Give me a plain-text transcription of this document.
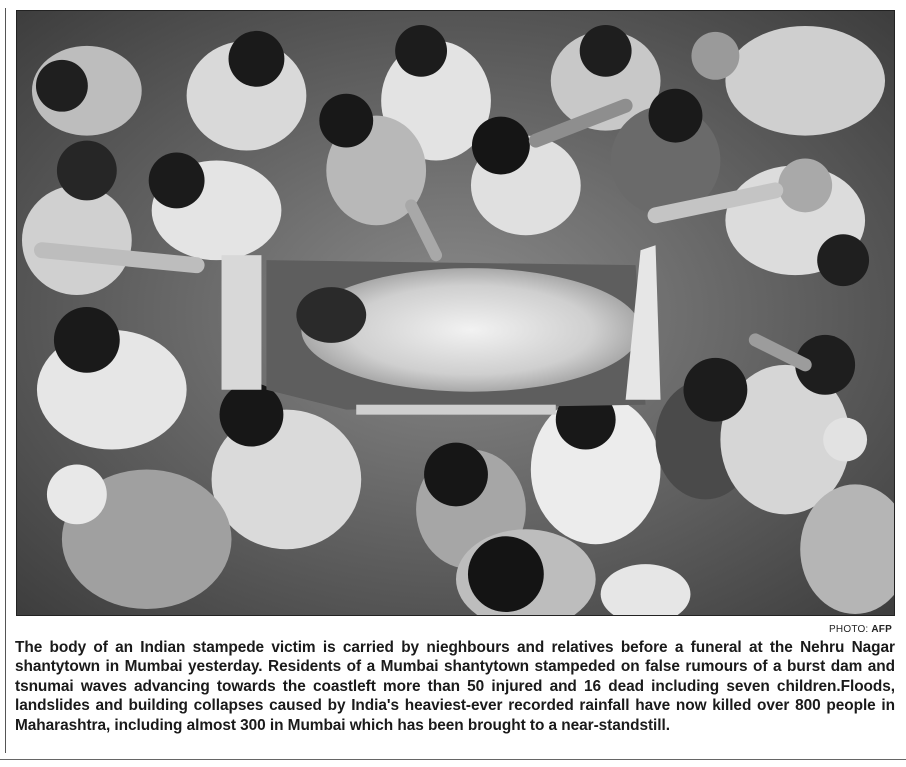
PHOTO: AFP
The body of an Indian stampede victim is carried by nieghbours and relatives before a funeral at the Nehru Nagar shantytown in Mumbai yesterday. Residents of a Mumbai shantytown stampeded on false rumours of a burst dam and tsnumai waves advancing towards the coastleft more than 50 injured and 16 dead including seven children.Floods, landslides and building collapses caused by India's heaviest-ever recorded rainfall have now killed over 800 people in Maharashtra, including almost 300 in Mumbai which has been brought to a near-standstill.
